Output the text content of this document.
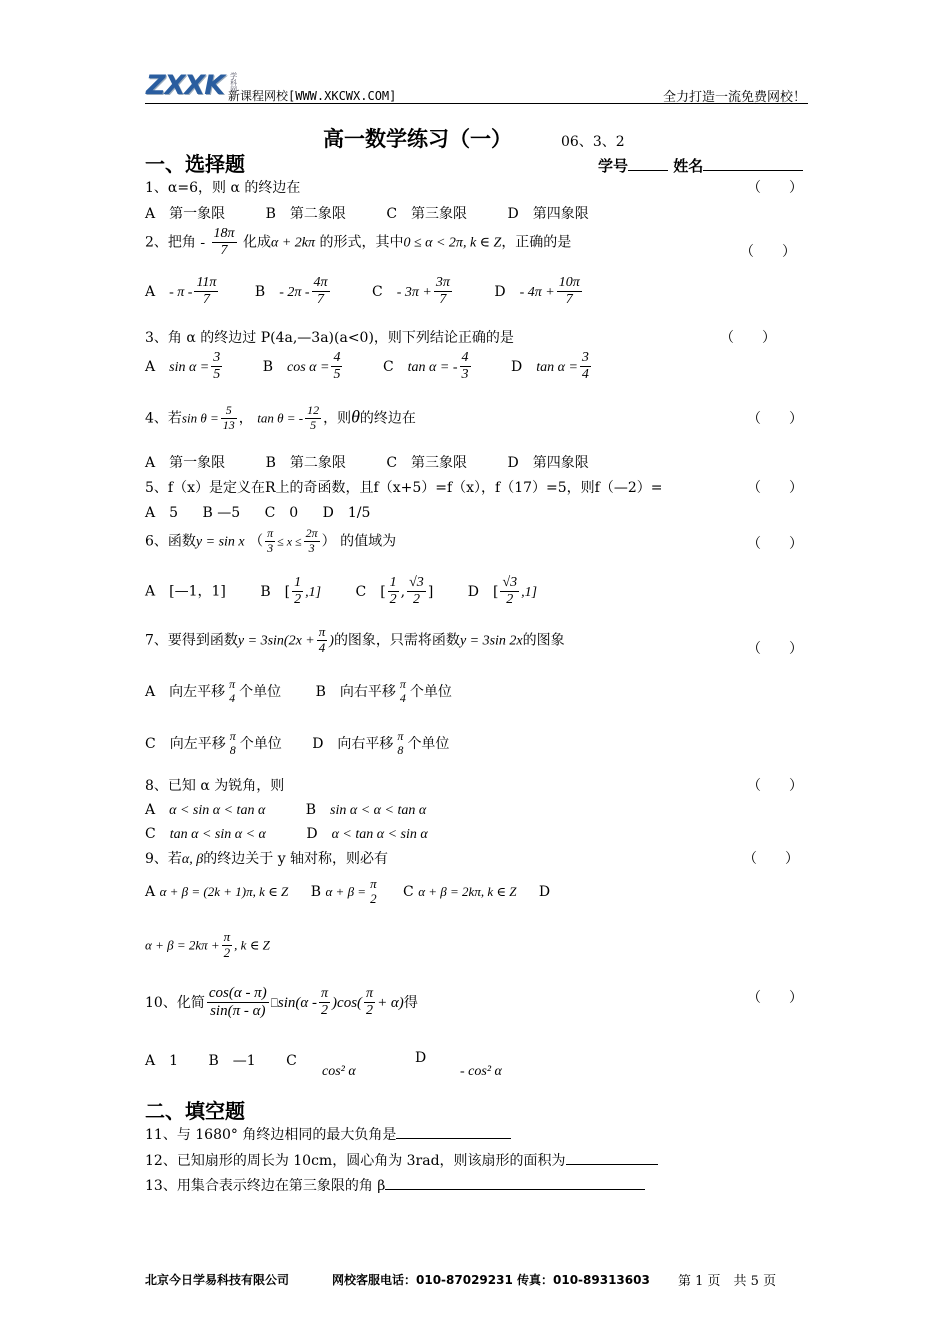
ZXXK 学科网
新课程网校[WWW.XKCWX.COM]	全力打造一流免费网校！
高一数学练习（一）	06、3、2
一、选择题	学号	姓名
1、α=6，则 α 的终边在	（　　）
A　第一象限	B　第二象限	C　第三象限	D　第四象限
2、把角 - $\frac{18\pi}{7}$ 化成α + 2kπ 的形式，其中0 ≤ α < 2π, k ∈ Z，正确的是
（　　）
A　 - π - $\frac{11\pi}{7}$	B　 - $2\pi - \frac{4\pi}{7}$	C　 - $3\pi + \frac{3\pi}{7}$	D　 - $4\pi + \frac{10\pi}{7}$
3、角 α 的终边过 P(4a,—3a)(a<0)，则下列结论正确的是	（　　）
A　 $\sin \alpha = \frac{3}{5}$	B　 $\cos \alpha = \frac{4}{5}$	C　 tan α = - $\frac{4}{3}$	D　 $\tan \alpha = \frac{3}{4}$
4、若$\sin \theta = \frac{5}{13}$ ， tan θ = - $\frac{12}{5}$ ，则θ的终边在	（　　）
A　第一象限	B　第二象限	C　第三象限	D　第四象限
5、f（x）是定义在R上的奇函数，且f（x+5）=f（x），f（17）=5，则f（—2）=	（　　）
A　5 B —5 C　0 D　1/5
6、函数y = sin x （ $\frac{\pi}{3} \le x \le \frac{2\pi}{3}$ ） 的值域为	（　　）
A　[—1，1] B　 [ $\frac{1}{2} ,1$] C　 [ $\frac{1}{2}$ , $\frac{√3}{2}$ ] D　 [ $\frac{√3}{2} ,1$]
7、要得到函数$y = 3\sin(2x + \frac{\pi}{4}$ )的图象，只需将函数y = 3sin 2x的图象
（　　）
A　向左平移 π
4 个单位 B　向右平移 π
4 个单位
C　向左平移 π
8 个单位 D　向右平移 π
8 个单位
8、已知 α 为锐角，则	（　　）
A　 α < sin α < tan α	B　 sin α < α < tan α
C　 tan α < sin α < α	D　 α < tan α < sin α
9、若α, β的终边关于 y 轴对称，则必有	（　　）
A α + β = (2k + 1)π, k ∈ Z B α + β =
π
2 C α + β = 2kπ, k ∈ Z D
$\alpha + \beta = 2k\pi + \frac{\pi}{2}$ , k ∈ Z
10、化简 $\frac{\cos(\alpha - \pi)}{\sin(\pi - \alpha)}$ ⎕sin(α - $\frac{\pi}{2} )\cos( \frac{\pi}{2} + \alpha)$得	（　　）
A　1 B　—1 C
cos² α
D
- cos² α
二、填空题
11、与 1680° 角终边相同的最大负角是
12、已知扇形的周长为 10cm，圆心角为 3rad，则该扇形的面积为
13、用集合表示终边在第三象限的角 β
北京今日学易科技有限公司	网校客服电话：010-87029231 传真：010-89313603 第 1 页　共 5 页
